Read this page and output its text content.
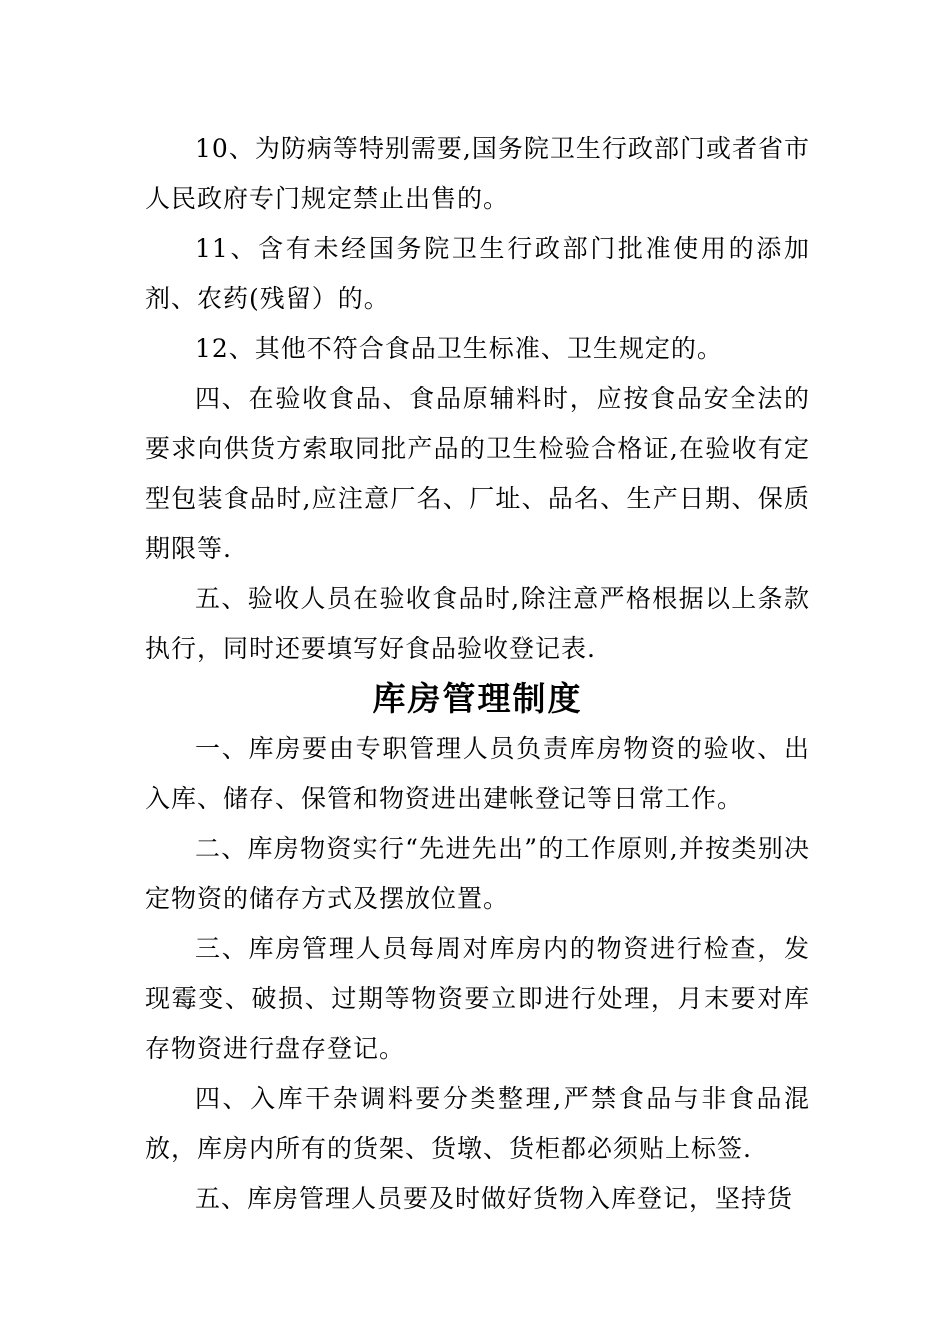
10、为防病等特别需要,国务院卫生行政部门或者省市人民政府专门规定禁止出售的。

11、含有未经国务院卫生行政部门批准使用的添加剂、农药(残留）的。

12、其他不符合食品卫生标准、卫生规定的。

四、在验收食品、食品原辅料时，应按食品安全法的要求向供货方索取同批产品的卫生检验合格证,在验收有定型包装食品时,应注意厂名、厂址、品名、生产日期、保质期限等.

五、验收人员在验收食品时,除注意严格根据以上条款执行，同时还要填写好食品验收登记表.

库房管理制度

一、库房要由专职管理人员负责库房物资的验收、出入库、储存、保管和物资进出建帐登记等日常工作。

二、库房物资实行“先进先出”的工作原则,并按类别决定物资的储存方式及摆放位置。

三、库房管理人员每周对库房内的物资进行检查，发现霉变、破损、过期等物资要立即进行处理，月末要对库存物资进行盘存登记。

四、入库干杂调料要分类整理,严禁食品与非食品混放，库房内所有的货架、货墩、货柜都必须贴上标签.

五、库房管理人员要及时做好货物入库登记，坚持货
